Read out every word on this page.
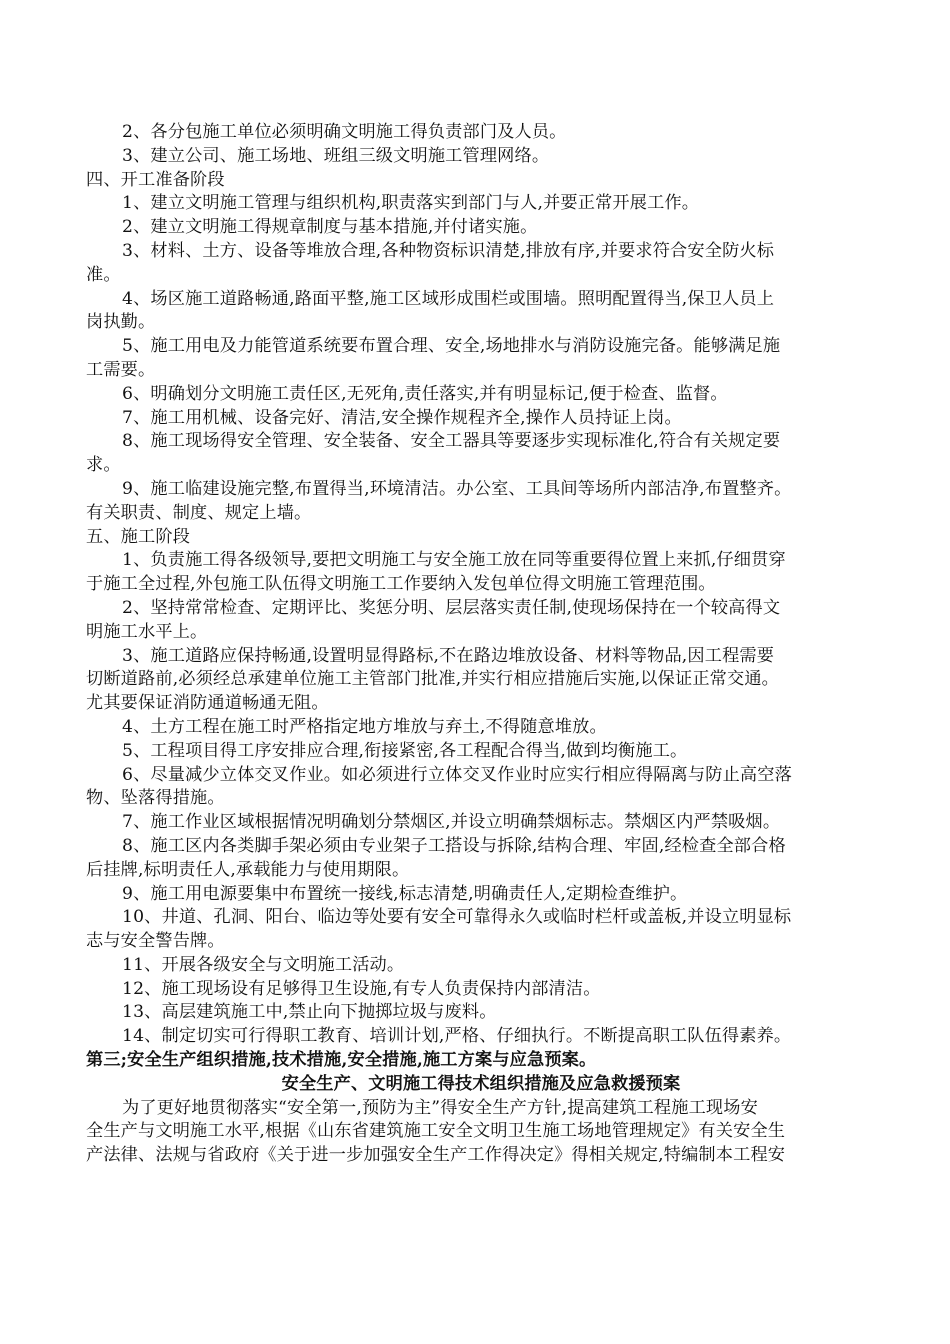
2、各分包施工单位必须明确文明施工得负责部门及人员。
3、建立公司、施工场地、班组三级文明施工管理网络。
四、开工准备阶段
1、建立文明施工管理与组织机构,职责落实到部门与人,并要正常开展工作。
2、建立文明施工得规章制度与基本措施,并付诸实施。
3、材料、土方、设备等堆放合理,各种物资标识清楚,排放有序,并要求符合安全防火标
准。
4、场区施工道路畅通,路面平整,施工区域形成围栏或围墙。照明配置得当,保卫人员上
岗执勤。
5、施工用电及力能管道系统要布置合理、安全,场地排水与消防设施完备。能够满足施
工需要。
6、明确划分文明施工责任区,无死角,责任落实,并有明显标记,便于检查、监督。
7、施工用机械、设备完好、清洁,安全操作规程齐全,操作人员持证上岗。
8、施工现场得安全管理、安全装备、安全工器具等要逐步实现标准化,符合有关规定要
求。
9、施工临建设施完整,布置得当,环境清洁。办公室、工具间等场所内部洁净,布置整齐。
有关职责、制度、规定上墙。
五、施工阶段
1、负责施工得各级领导,要把文明施工与安全施工放在同等重要得位置上来抓,仔细贯穿
于施工全过程,外包施工队伍得文明施工工作要纳入发包单位得文明施工管理范围。
2、坚持常常检查、定期评比、奖惩分明、层层落实责任制,使现场保持在一个较高得文
明施工水平上。
3、施工道路应保持畅通,设置明显得路标,不在路边堆放设备、材料等物品,因工程需要
切断道路前,必须经总承建单位施工主管部门批准,并实行相应措施后实施,以保证正常交通。
尤其要保证消防通道畅通无阻。
4、土方工程在施工时严格指定地方堆放与弃土,不得随意堆放。
5、工程项目得工序安排应合理,衔接紧密,各工程配合得当,做到均衡施工。
6、尽量减少立体交叉作业。如必须进行立体交叉作业时应实行相应得隔离与防止高空落
物、坠落得措施。
7、施工作业区域根据情况明确划分禁烟区,并设立明确禁烟标志。禁烟区内严禁吸烟。
8、施工区内各类脚手架必须由专业架子工搭设与拆除,结构合理、牢固,经检查全部合格
后挂牌,标明责任人,承载能力与使用期限。
9、施工用电源要集中布置统一接线,标志清楚,明确责任人,定期检查维护。
10、井道、孔洞、阳台、临边等处要有安全可靠得永久或临时栏杆或盖板,并设立明显标
志与安全警告牌。
11、开展各级安全与文明施工活动。
12、施工现场设有足够得卫生设施,有专人负责保持内部清洁。
13、高层建筑施工中,禁止向下抛掷垃圾与废料。
14、制定切实可行得职工教育、培训计划,严格、仔细执行。不断提高职工队伍得素养。
第三;安全生产组织措施,技术措施,安全措施,施工方案与应急预案。
安全生产、文明施工得技术组织措施及应急救援预案
为了更好地贯彻落实“安全第一,预防为主”得安全生产方针,提高建筑工程施工现场安
全生产与文明施工水平,根据《山东省建筑施工安全文明卫生施工场地管理规定》有关安全生
产法律、法规与省政府《关于进一步加强安全生产工作得决定》得相关规定,特编制本工程安
